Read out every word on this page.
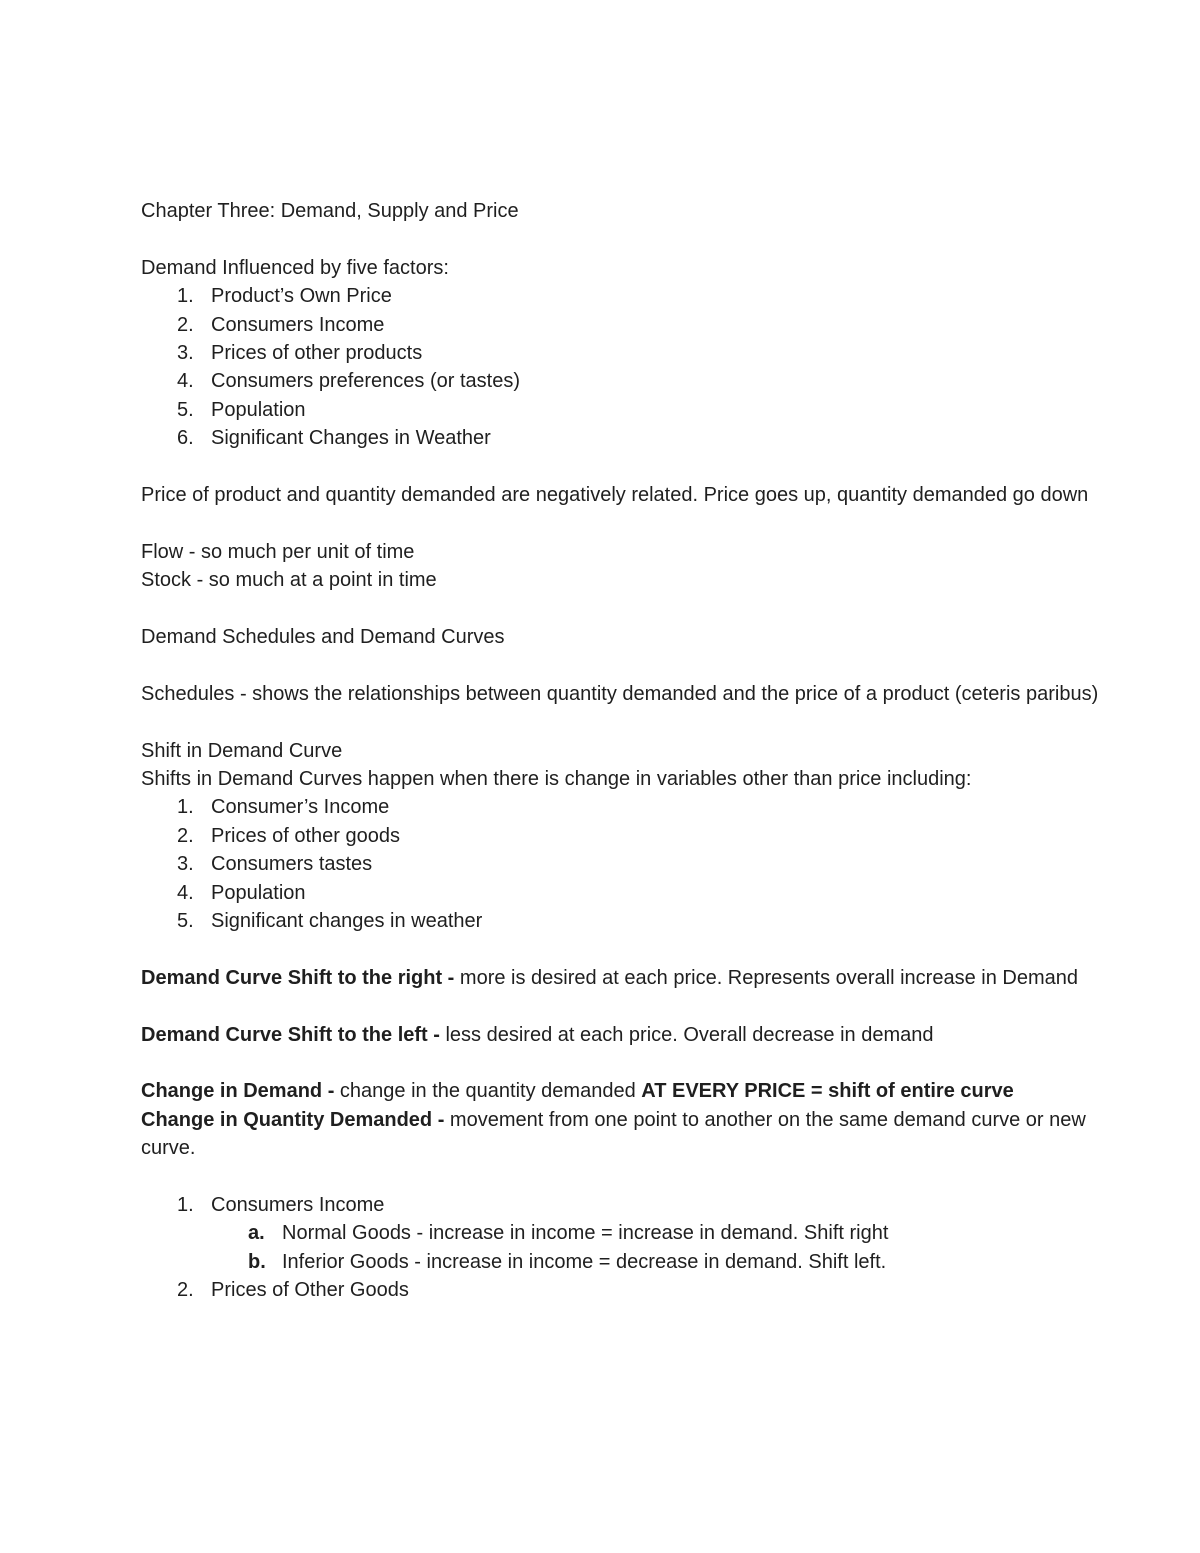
Chapter Three: Demand, Supply and Price

Demand Influenced by five factors:

1. Product’s Own Price
2. Consumers Income
3. Prices of other products
4. Consumers preferences (or tastes)
5. Population
6. Significant Changes in Weather

Price of product and quantity demanded are negatively related. Price goes up, quantity demanded go down

Flow - so much per unit of time

Stock - so much at a point in time

Demand Schedules and Demand Curves

Schedules - shows the relationships between quantity demanded and the price of a product (ceteris paribus)

Shift in Demand Curve

Shifts in Demand Curves happen when there is change in variables other than price including:

1. Consumer’s Income
2. Prices of other goods
3. Consumers tastes
4. Population
5. Significant changes in weather

Demand Curve Shift to the right - more is desired at each price. Represents overall increase in Demand

Demand Curve Shift to the left - less desired at each price. Overall decrease in demand

Change in Demand - change in the quantity demanded AT EVERY PRICE = shift of entire curve

Change in Quantity Demanded - movement from one point to another on the same demand curve or new curve.

1. Consumers Income
a. Normal Goods - increase in income = increase in demand. Shift right
b. Inferior Goods - increase in income = decrease in demand. Shift left.
2. Prices of Other Goods
